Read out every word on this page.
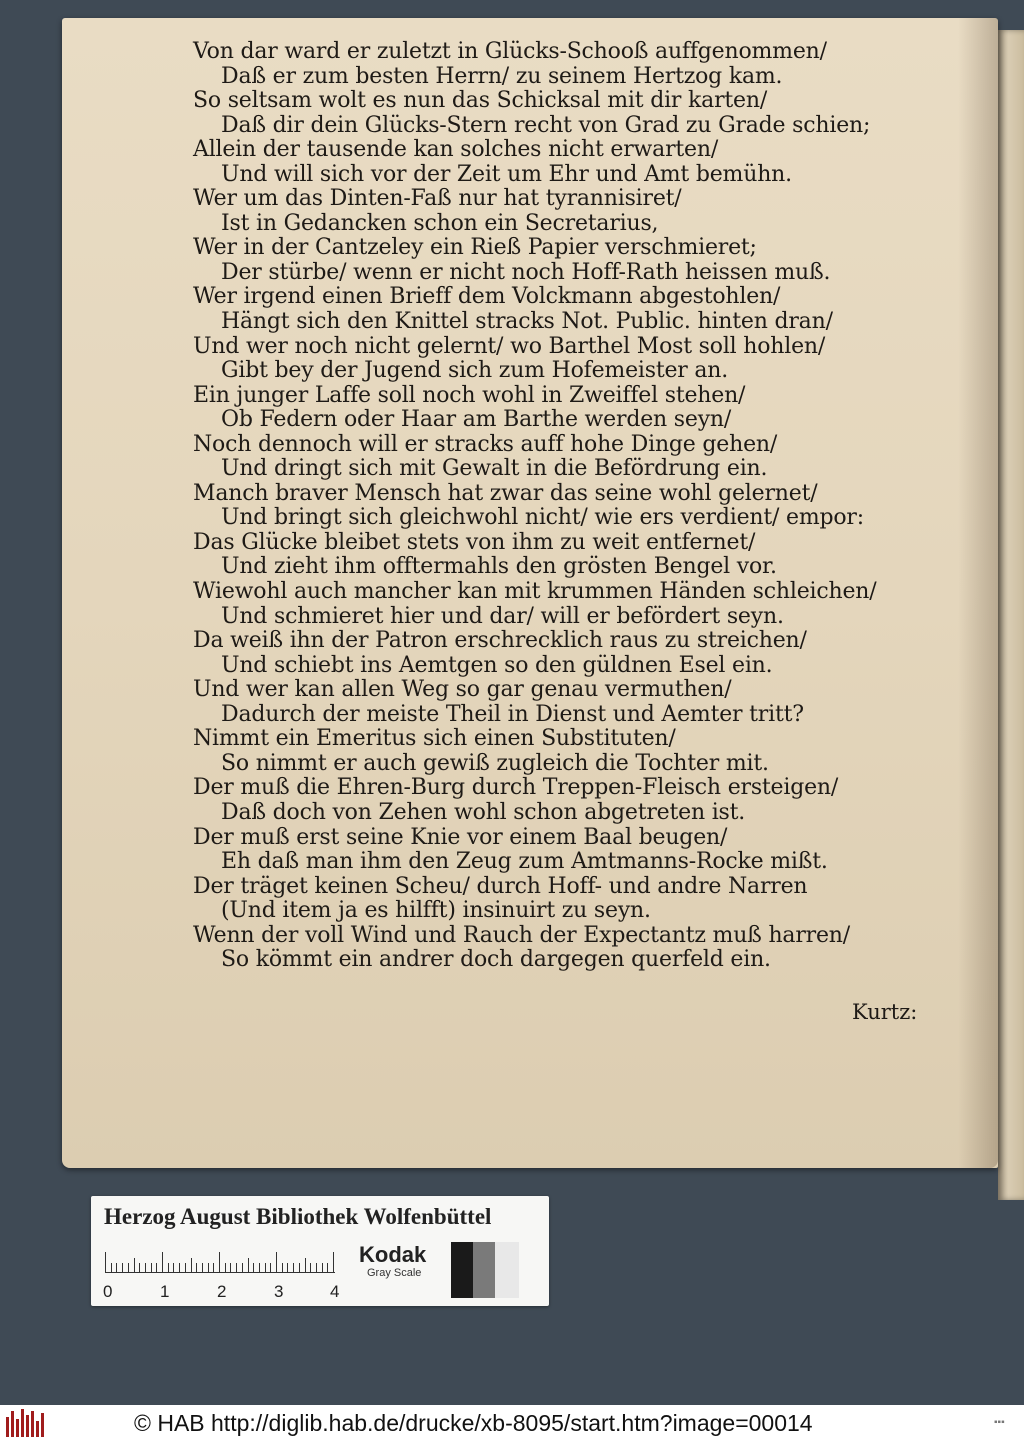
Von dar ward er zuletzt in Glücks-Schooß auffgenommen/
Daß er zum besten Herrn/ zu seinem Hertzog kam.
So seltsam wolt es nun das Schicksal mit dir karten/
Daß dir dein Glücks-Stern recht von Grad zu Grade schien;
Allein der tausende kan solches nicht erwarten/
Und will sich vor der Zeit um Ehr und Amt bemühn.
Wer um das Dinten-Faß nur hat tyrannisiret/
Ist in Gedancken schon ein Secretarius,
Wer in der Cantzeley ein Rieß Papier verschmieret;
Der stürbe/ wenn er nicht noch Hoff-Rath heissen muß.
Wer irgend einen Brieff dem Volckmann abgestohlen/
Hängt sich den Knittel stracks Not. Public. hinten dran/
Und wer noch nicht gelernt/ wo Barthel Most soll hohlen/
Gibt bey der Jugend sich zum Hofemeister an.
Ein junger Laffe soll noch wohl in Zweiffel stehen/
Ob Federn oder Haar am Barthe werden seyn/
Noch dennoch will er stracks auff hohe Dinge gehen/
Und dringt sich mit Gewalt in die Befördrung ein.
Manch braver Mensch hat zwar das seine wohl gelernet/
Und bringt sich gleichwohl nicht/ wie ers verdient/ empor:
Das Glücke bleibet stets von ihm zu weit entfernet/
Und zieht ihm offtermahls den grösten Bengel vor.
Wiewohl auch mancher kan mit krummen Händen schleichen/
Und schmieret hier und dar/ will er befördert seyn.
Da weiß ihn der Patron erschrecklich raus zu streichen/
Und schiebt ins Aemtgen so den güldnen Esel ein.
Und wer kan allen Weg so gar genau vermuthen/
Dadurch der meiste Theil in Dienst und Aemter tritt?
Nimmt ein Emeritus sich einen Substituten/
So nimmt er auch gewiß zugleich die Tochter mit.
Der muß die Ehren-Burg durch Treppen-Fleisch ersteigen/
Daß doch von Zehen wohl schon abgetreten ist.
Der muß erst seine Knie vor einem Baal beugen/
Eh daß man ihm den Zeug zum Amtmanns-Rocke mißt.
Der träget keinen Scheu/ durch Hoff- und andre Narren
(Und item ja es hilfft) insinuirt zu seyn.
Wenn der voll Wind und Rauch der Expectantz muß harren/
So kömmt ein andrer doch dargegen querfeld ein.
Kurtz:
Herzog August Bibliothek Wolfenbüttel
0	1	2	3	4
Kodak
Gray Scale
© HAB http://diglib.hab.de/drucke/xb-8095/start.htm?image=00014	▪▪▪
